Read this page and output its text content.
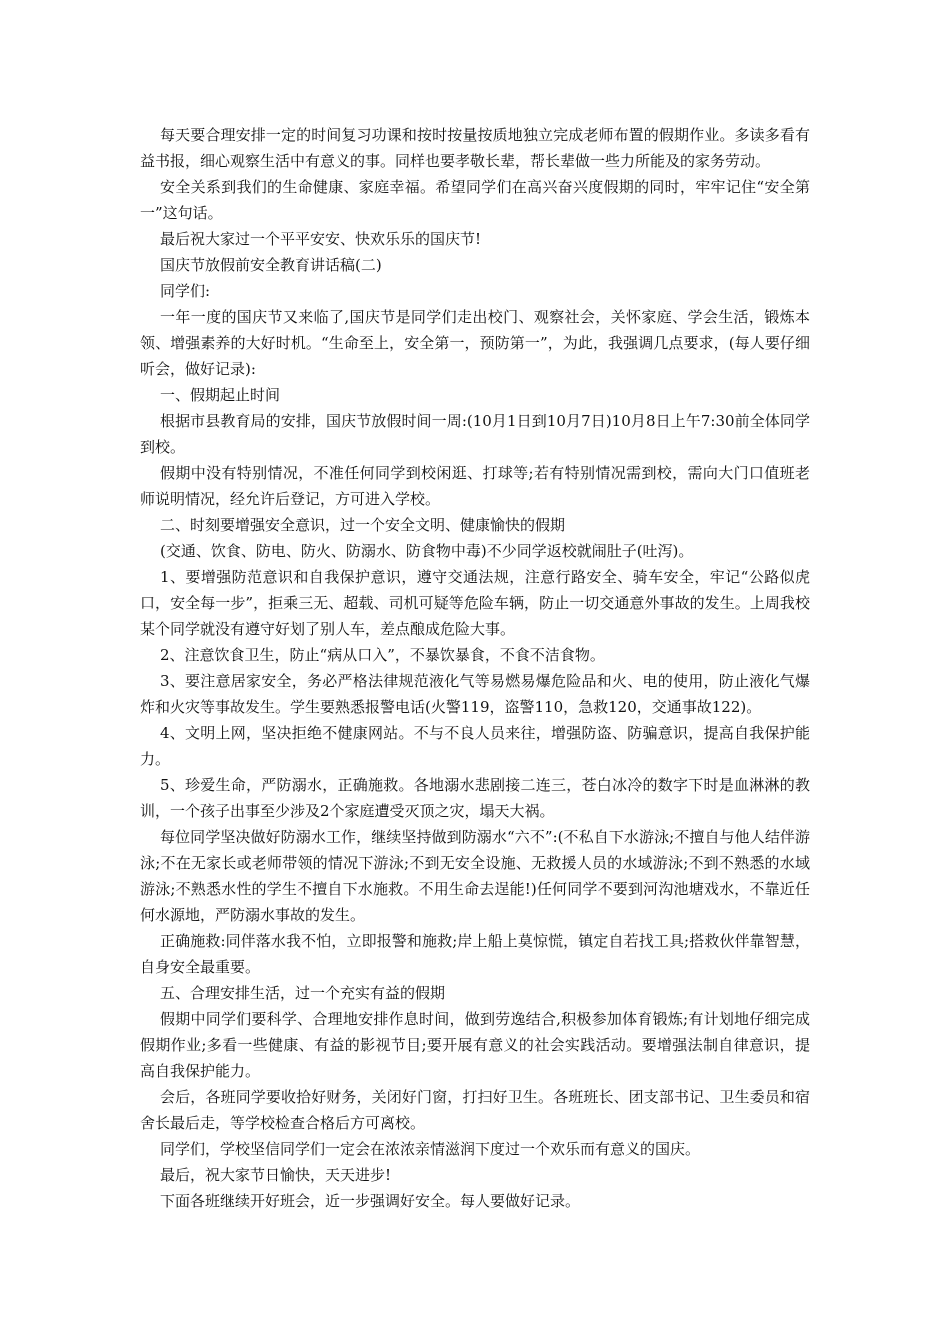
每天要合理安排一定的时间复习功课和按时按量按质地独立完成老师布置的假期作业。多读多看有益书报，细心观察生活中有意义的事。同样也要孝敬长辈，帮长辈做一些力所能及的家务劳动。

安全关系到我们的生命健康、家庭幸福。希望同学们在高兴奋兴度假期的同时，牢牢记住“安全第一”这句话。

最后祝大家过一个平平安安、快欢乐乐的国庆节!

国庆节放假前安全教育讲话稿(二)

同学们:

一年一度的国庆节又来临了,国庆节是同学们走出校门、观察社会，关怀家庭、学会生活，锻炼本领、增强素养的大好时机。“生命至上，安全第一，预防第一”，为此，我强调几点要求，(每人要仔细听会，做好记录):

一、假期起止时间

根据市县教育局的安排，国庆节放假时间一周:(10月1日到10月7日)10月8日上午7:30前全体同学到校。

假期中没有特别情况，不准任何同学到校闲逛、打球等;若有特别情况需到校，需向大门口值班老师说明情况，经允许后登记，方可进入学校。

二、时刻要增强安全意识，过一个安全文明、健康愉快的假期

(交通、饮食、防电、防火、防溺水、防食物中毒)不少同学返校就闹肚子(吐泻)。

1、要增强防范意识和自我保护意识，遵守交通法规，注意行路安全、骑车安全，牢记“公路似虎口，安全每一步”，拒乘三无、超载、司机可疑等危险车辆，防止一切交通意外事故的发生。上周我校某个同学就没有遵守好划了别人车，差点酿成危险大事。

2、注意饮食卫生，防止“病从口入”，不暴饮暴食，不食不洁食物。

3、要注意居家安全，务必严格法律规范液化气等易燃易爆危险品和火、电的使用，防止液化气爆炸和火灾等事故发生。学生要熟悉报警电话(火警119，盗警110，急救120，交通事故122)。

4、文明上网，坚决拒绝不健康网站。不与不良人员来往，增强防盗、防骗意识，提高自我保护能力。

5、珍爱生命，严防溺水，正确施救。各地溺水悲剧接二连三，苍白冰冷的数字下时是血淋淋的教训，一个孩子出事至少涉及2个家庭遭受灭顶之灾，塌天大祸。

每位同学坚决做好防溺水工作，继续坚持做到防溺水“六不”:(不私自下水游泳;不擅自与他人结伴游泳;不在无家长或老师带领的情况下游泳;不到无安全设施、无救援人员的水域游泳;不到不熟悉的水域游泳;不熟悉水性的学生不擅自下水施救。不用生命去逞能!)任何同学不要到河沟池塘戏水，不靠近任何水源地，严防溺水事故的发生。

正确施救:同伴落水我不怕，立即报警和施救;岸上船上莫惊慌，镇定自若找工具;搭救伙伴靠智慧，自身安全最重要。

五、合理安排生活，过一个充实有益的假期

假期中同学们要科学、合理地安排作息时间，做到劳逸结合,积极参加体育锻炼;有计划地仔细完成假期作业;多看一些健康、有益的影视节目;要开展有意义的社会实践活动。要增强法制自律意识，提高自我保护能力。

会后，各班同学要收拾好财务，关闭好门窗，打扫好卫生。各班班长、团支部书记、卫生委员和宿舍长最后走，等学校检查合格后方可离校。

同学们，学校坚信同学们一定会在浓浓亲情滋润下度过一个欢乐而有意义的国庆。

最后，祝大家节日愉快，天天进步!

下面各班继续开好班会，近一步强调好安全。每人要做好记录。
